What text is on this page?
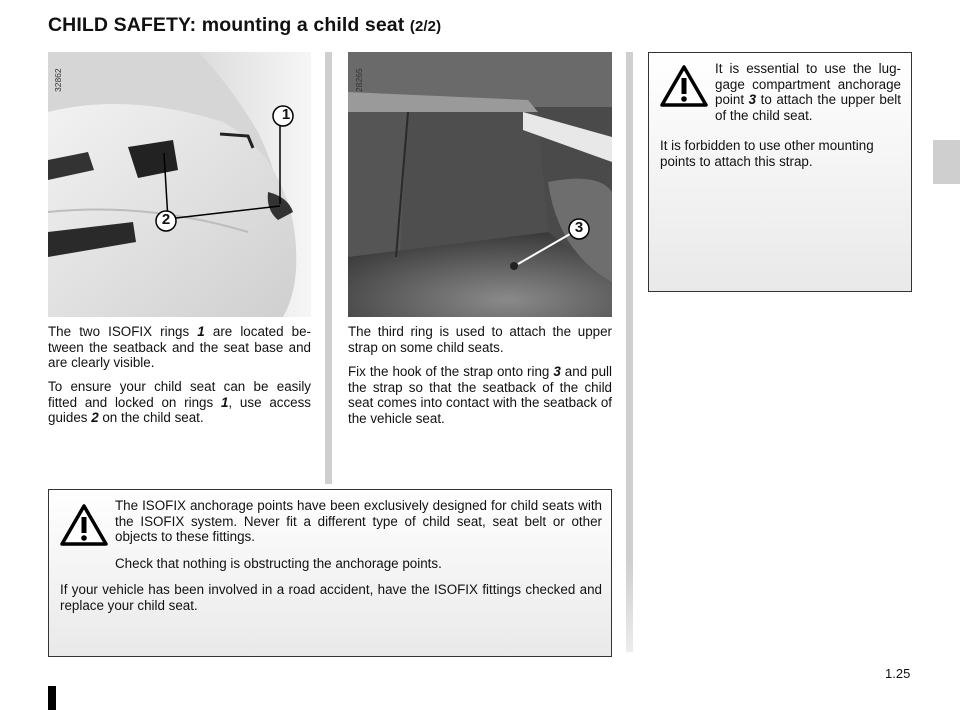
CHILD SAFETY: mounting a child seat (2/2)
32862
1
2
28265
3
The two ISOFIX rings 1 are located between the seatback and the seat base and are clearly visible.
To ensure your child seat can be easily fitted and locked on rings 1, use access guides 2 on the child seat.
The third ring is used to attach the upper strap on some child seats.
Fix the hook of the strap onto ring 3 and pull the strap so that the seatback of the child seat comes into contact with the seatback of the vehicle seat.
It is essential to use the luggage compartment anchorage point 3 to attach the upper belt of the child seat.
It is forbidden to use other mounting points to attach this strap.
The ISOFIX anchorage points have been exclusively designed for child seats with the ISOFIX system. Never fit a different type of child seat, seat belt or other objects to these fittings.
Check that nothing is obstructing the anchorage points.
If your vehicle has been involved in a road accident, have the ISOFIX fittings checked and replace your child seat.
1.25
